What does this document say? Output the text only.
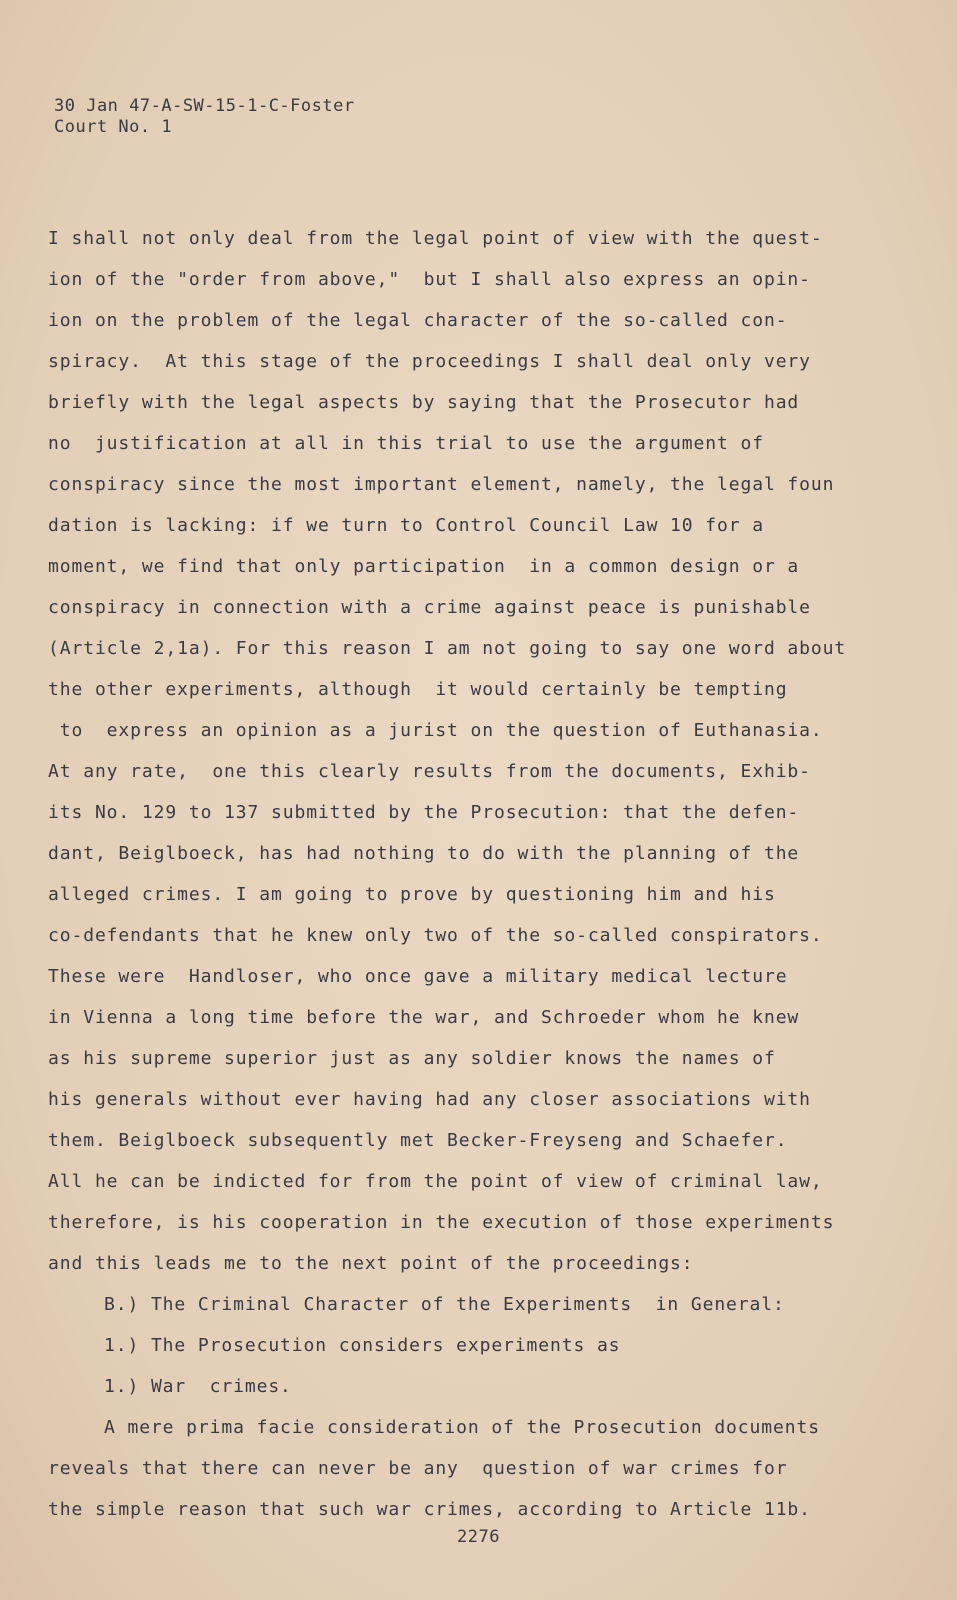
30 Jan 47-A-SW-15-1-C-Foster
Court No. 1
I shall not only deal from the legal point of view with the quest-
ion of the "order from above,"  but I shall also express an opin-
ion on the problem of the legal character of the so-called con-
spiracy.  At this stage of the proceedings I shall deal only very
briefly with the legal aspects by saying that the Prosecutor had
no  justification at all in this trial to use the argument of
conspiracy since the most important element, namely, the legal foun
dation is lacking: if we turn to Control Council Law 10 for a
moment, we find that only participation  in a common design or a
conspiracy in connection with a crime against peace is punishable
(Article 2,1a). For this reason I am not going to say one word about
the other experiments, although  it would certainly be tempting
to  express an opinion as a jurist on the question of Euthanasia.
At any rate,  one this clearly results from the documents, Exhib-
its No. 129 to 137 submitted by the Prosecution: that the defen-
dant, Beiglboeck, has had nothing to do with the planning of the
alleged crimes. I am going to prove by questioning him and his
co-defendants that he knew only two of the so-called conspirators.
These were  Handloser, who once gave a military medical lecture
in Vienna a long time before the war, and Schroeder whom he knew
as his supreme superior just as any soldier knows the names of
his generals without ever having had any closer associations with
them. Beiglboeck subsequently met Becker-Freyseng and Schaefer.
All he can be indicted for from the point of view of criminal law,
therefore, is his cooperation in the execution of those experiments
and this leads me to the next point of the proceedings:
B.) The Criminal Character of the Experiments  in General:
1.) The Prosecution considers experiments as
1.) War  crimes.
A mere prima facie consideration of the Prosecution documents
reveals that there can never be any  question of war crimes for
the simple reason that such war crimes, according to Article 11b.
2276
